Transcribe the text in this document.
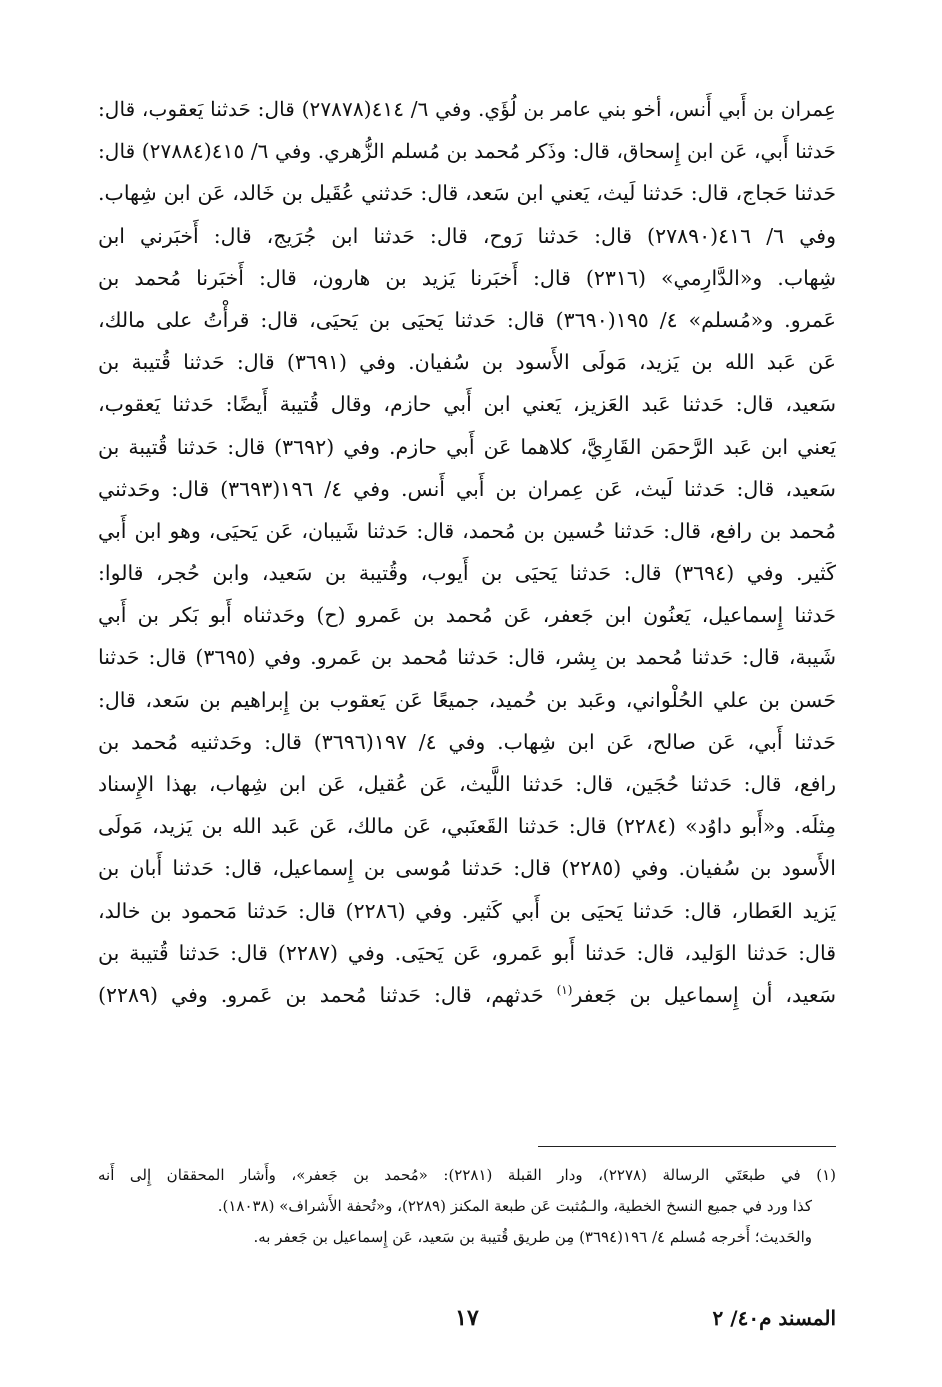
عِمران بن أَبي أَنس، أخو بني عامر بن لُؤَي. وفي ٦/ ٤١٤(٢٧٨٧٨) قال: حَدثنا يَعقوب، قال:
حَدثنا أَبي، عَن ابن إِسحاق، قال: وذَكر مُحمد بن مُسلم الزُّهري. وفي ٦/ ٤١٥(٢٧٨٨٤) قال:
حَدثنا حَجاج، قال: حَدثنا لَيث، يَعني ابن سَعد، قال: حَدثني عُقَيل بن خَالد، عَن ابن شِهاب.
وفي ٦/ ٤١٦(٢٧٨٩٠) قال: حَدثنا رَوح، قال: حَدثنا ابن جُرَيج، قال: أَخبَرني ابن
شِهاب. و«الدَّارِمي» (٢٣١٦) قال: أَخبَرنا يَزيد بن هارون، قال: أَخبَرنا مُحمد بن
عَمرو. و«مُسلم» ٤/ ١٩٥(٣٦٩٠) قال: حَدثنا يَحيَى بن يَحيَى، قال: قرأْتُ على مالك،
عَن عَبد الله بن يَزيد، مَولَى الأَسود بن سُفيان. وفي (٣٦٩١) قال: حَدثنا قُتيبة بن
سَعيد، قال: حَدثنا عَبد العَزيز، يَعني ابن أَبي حازم، وقال قُتيبة أَيضًا: حَدثنا يَعقوب،
يَعني ابن عَبد الرَّحمَن القَارِيَّ، كلاهما عَن أَبي حازم. وفي (٣٦٩٢) قال: حَدثنا قُتيبة بن
سَعيد، قال: حَدثنا لَيث، عَن عِمران بن أَبي أَنس. وفي ٤/ ١٩٦(٣٦٩٣) قال: وحَدثني
مُحمد بن رافع، قال: حَدثنا حُسين بن مُحمد، قال: حَدثنا شَيبان، عَن يَحيَى، وهو ابن أَبي
كَثير. وفي (٣٦٩٤) قال: حَدثنا يَحيَى بن أَيوب، وقُتيبة بن سَعيد، وابن حُجر، قالوا:
حَدثنا إِسماعيل، يَعنُون ابن جَعفر، عَن مُحمد بن عَمرو (ح) وحَدثناه أَبو بَكر بن أَبي
شَيبة، قال: حَدثنا مُحمد بن بِشر، قال: حَدثنا مُحمد بن عَمرو. وفي (٣٦٩٥) قال: حَدثنا
حَسن بن علي الحُلْواني، وعَبد بن حُميد، جميعًا عَن يَعقوب بن إِبراهيم بن سَعد، قال:
حَدثنا أَبي، عَن صالح، عَن ابن شِهاب. وفي ٤/ ١٩٧(٣٦٩٦) قال: وحَدثنيه مُحمد بن
رافع، قال: حَدثنا حُجَين، قال: حَدثنا اللَّيث، عَن عُقيل، عَن ابن شِهاب، بهذا الإِسناد
مِثلَه. و«أَبو داوُد» (٢٢٨٤) قال: حَدثنا القَعنَبي، عَن مالك، عَن عَبد الله بن يَزيد، مَولَى
الأَسود بن سُفيان. وفي (٢٢٨٥) قال: حَدثنا مُوسى بن إِسماعيل، قال: حَدثنا أَبان بن
يَزيد العَطار، قال: حَدثنا يَحيَى بن أَبي كَثير. وفي (٢٢٨٦) قال: حَدثنا مَحمود بن خالد،
قال: حَدثنا الوَليد، قال: حَدثنا أَبو عَمرو، عَن يَحيَى. وفي (٢٢٨٧) قال: حَدثنا قُتيبة بن
سَعيد، أن إِسماعيل بن جَعفر$^{(١)}$ حَدثهم، قال: حَدثنا مُحمد بن عَمرو. وفي (٢٢٨٩)
(١) في طبعَتَي الرسالة (٢٢٧٨)، ودار القبلة (٢٢٨١): «مُحمد بن جَعفر»، وأَشار المحققان إِلى أَنه
كذا ورد في جميع النسخ الخطية، والـمُثبت عَن طبعة المكنز (٢٢٨٩)، و«تُحفة الأَشراف» (١٨٠٣٨).
والحَديث؛ أَخرجه مُسلم ٤/ ١٩٦(٣٦٩٤) مِن طريق قُتيبة بن سَعيد، عَن إِسماعيل بن جَعفر به.
المسند م٤٠/ ٢
١٧
